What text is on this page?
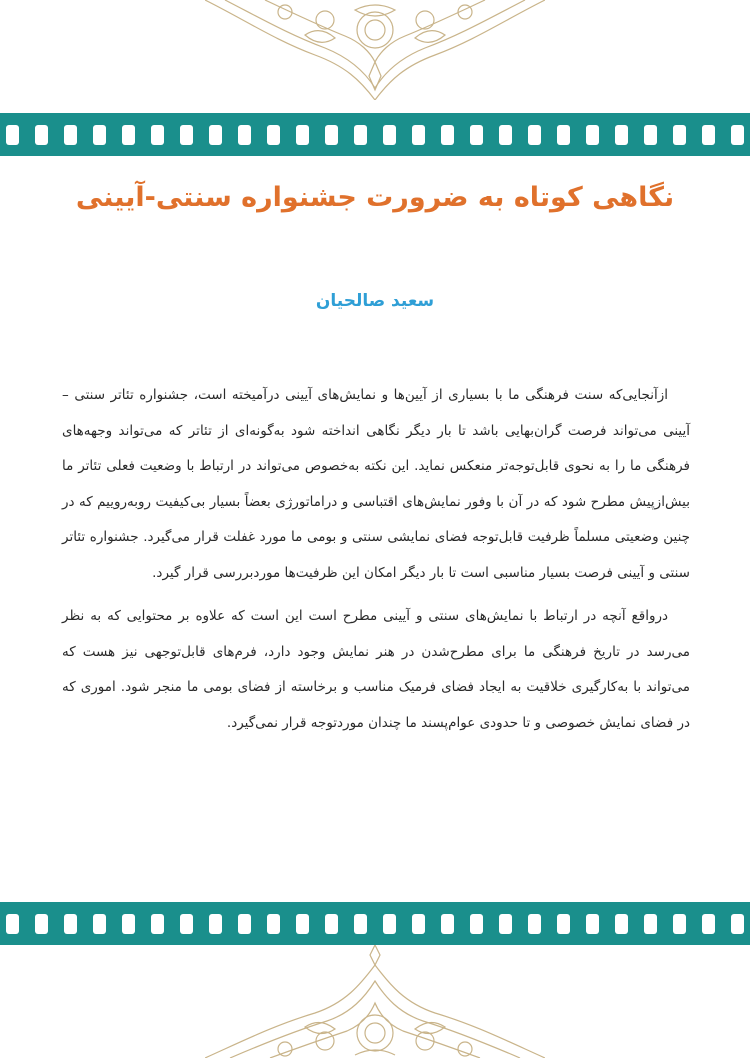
نگاهی کوتاه به ضرورت جشنواره سنتی-آیینی
سعید صالحیان

ازآنجایی‌که سنت فرهنگی ما با بسیاری از آیین‌ها و نمایش‌های آیینی درآمیخته است، جشنواره تئاتر سنتی – آیینی می‌تواند فرصت گران‌بهایی باشد تا بار دیگر نگاهی انداخته شود به‌گونه‌ای از تئاتر که می‌تواند وجهه‌های فرهنگی ما را به نحوی قابل‌توجه‌تر منعکس نماید. این نکته به‌خصوص می‌تواند در ارتباط با وضعیت فعلی تئاتر ما بیش‌ازپیش مطرح شود که در آن با وفور نمایش‌های اقتباسی و دراماتورژی بعضاً بسیار بی‌کیفیت روبه‌روییم که در چنین وضعیتی مسلماً ظرفیت قابل‌توجه فضای نمایشی سنتی و بومی ما مورد غفلت قرار می‌گیرد. جشنواره تئاتر سنتی و آیینی فرصت بسیار مناسبی است تا بار دیگر امکان این ظرفیت‌ها موردبررسی قرار گیرد.

درواقع آنچه در ارتباط با نمایش‌های سنتی و آیینی مطرح است این است که علاوه بر محتوایی که به نظر می‌رسد در تاریخ فرهنگی ما برای مطرح‌شدن در هنر نمایش وجود دارد، فرم‌های قابل‌توجهی نیز هست که می‌تواند با به‌کارگیری خلاقیت به ایجاد فضای فرمیک مناسب و برخاسته از فضای بومی ما منجر شود. اموری که در فضای نمایش خصوصی و تا حدودی عوام‌پسند ما چندان موردتوجه قرار نمی‌گیرد.
